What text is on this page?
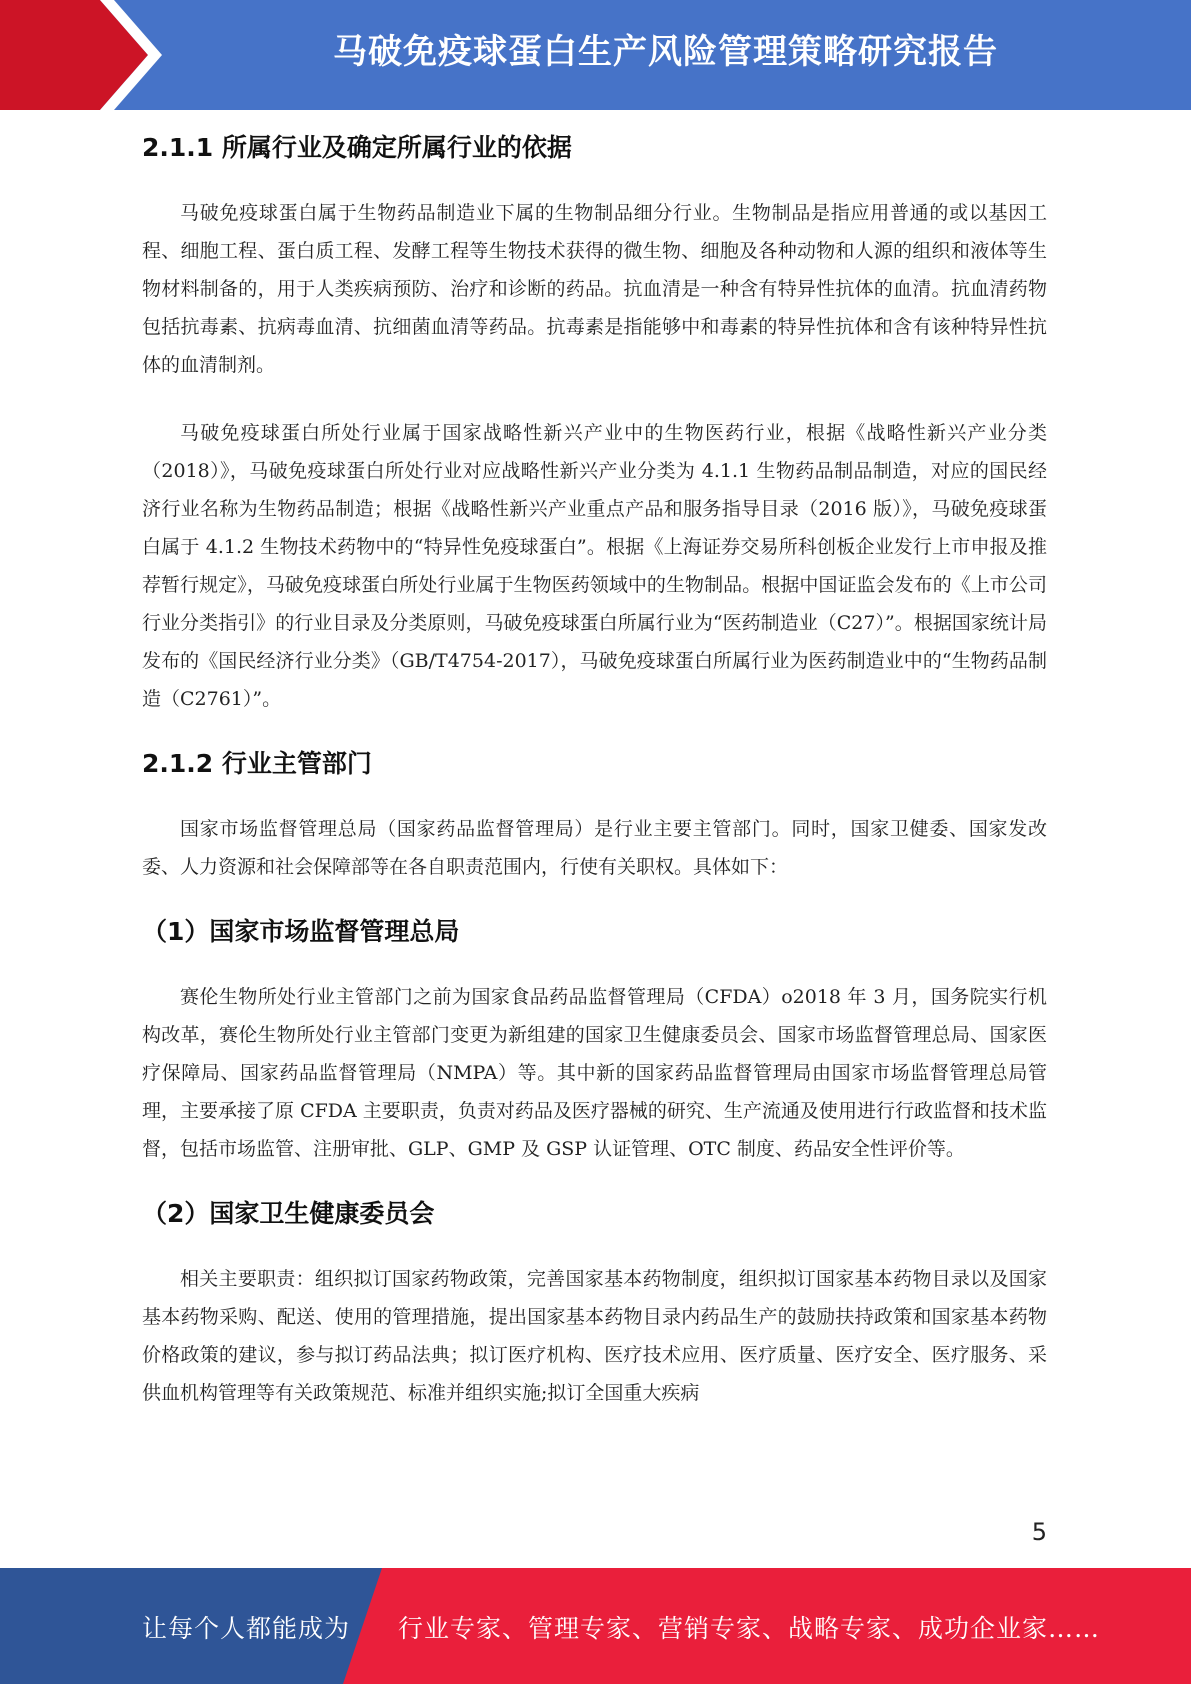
马破免疫球蛋白生产风险管理策略研究报告
2.1.1 所属行业及确定所属行业的依据

马破免疫球蛋白属于生物药品制造业下属的生物制品细分行业。生物制品是指应用普通的或以基因工程、细胞工程、蛋白质工程、发酵工程等生物技术获得的微生物、细胞及各种动物和人源的组织和液体等生物材料制备的，用于人类疾病预防、治疗和诊断的药品。抗血清是一种含有特异性抗体的血清。抗血清药物包括抗毒素、抗病毒血清、抗细菌血清等药品。抗毒素是指能够中和毒素的特异性抗体和含有该种特异性抗体的血清制剂。

马破免疫球蛋白所处行业属于国家战略性新兴产业中的生物医药行业，根据《战略性新兴产业分类（2018）》，马破免疫球蛋白所处行业对应战略性新兴产业分类为 4.1.1 生物药品制品制造，对应的国民经济行业名称为生物药品制造；根据《战略性新兴产业重点产品和服务指导目录（2016 版）》，马破免疫球蛋白属于 4.1.2 生物技术药物中的“特异性免疫球蛋白”。根据《上海证券交易所科创板企业发行上市申报及推荐暂行规定》，马破免疫球蛋白所处行业属于生物医药领域中的生物制品。根据中国证监会发布的《上市公司行业分类指引》的行业目录及分类原则，马破免疫球蛋白所属行业为“医药制造业（C27）”。根据国家统计局发布的《国民经济行业分类》（GB/T4754-2017），马破免疫球蛋白所属行业为医药制造业中的“生物药品制造（C2761）”。

2.1.2 行业主管部门

国家市场监督管理总局（国家药品监督管理局）是行业主要主管部门。同时，国家卫健委、国家发改委、人力资源和社会保障部等在各自职责范围内，行使有关职权。具体如下：

（1）国家市场监督管理总局

赛伦生物所处行业主管部门之前为国家食品药品监督管理局（CFDA）o2018 年 3 月，国务院实行机构改革，赛伦生物所处行业主管部门变更为新组建的国家卫生健康委员会、国家市场监督管理总局、国家医疗保障局、国家药品监督管理局（NMPA）等。其中新的国家药品监督管理局由国家市场监督管理总局管理，主要承接了原 CFDA 主要职责，负责对药品及医疗器械的研究、生产流通及使用进行行政监督和技术监督，包括市场监管、注册审批、GLP、GMP 及 GSP 认证管理、OTC 制度、药品安全性评价等。

（2）国家卫生健康委员会

相关主要职责：组织拟订国家药物政策，完善国家基本药物制度，组织拟订国家基本药物目录以及国家基本药物采购、配送、使用的管理措施，提出国家基本药物目录内药品生产的鼓励扶持政策和国家基本药物价格政策的建议，参与拟订药品法典；拟订医疗机构、医疗技术应用、医疗质量、医疗安全、医疗服务、采供血机构管理等有关政策规范、标准并组织实施;拟订全国重大疾病

5
让每个人都能成为 行业专家、管理专家、营销专家、战略专家、成功企业家……
